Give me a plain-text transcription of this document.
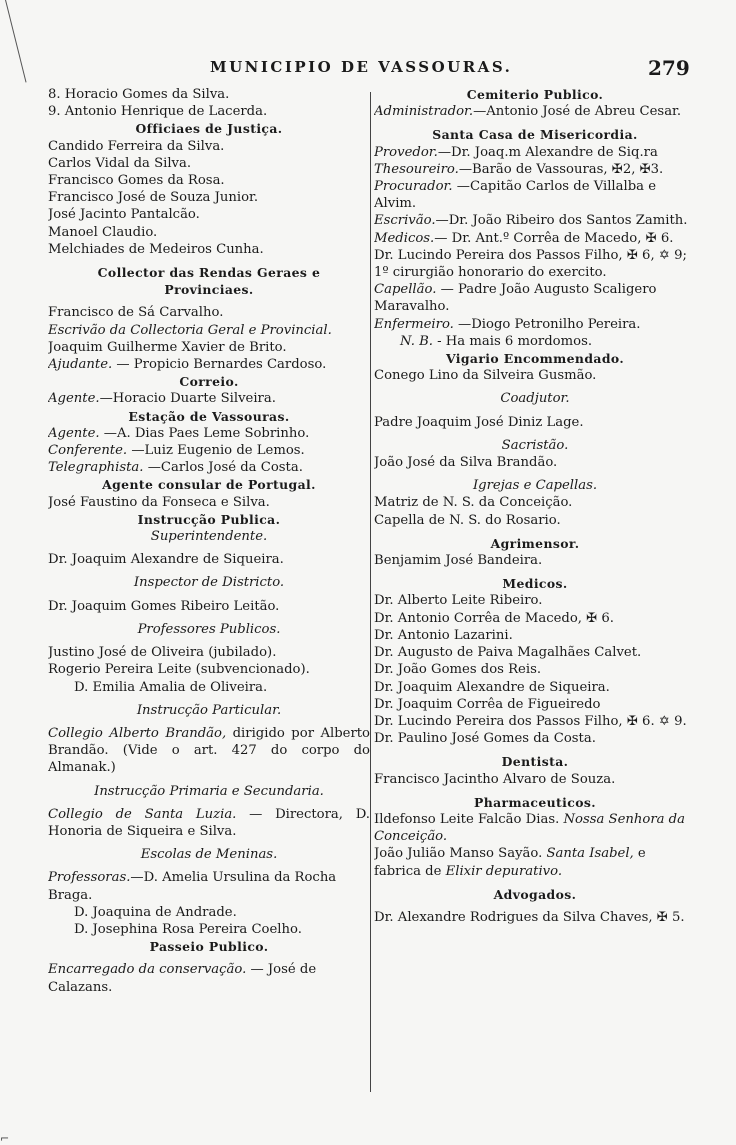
MUNICIPIO DE VASSOURAS.	279
8. Horacio Gomes da Silva.
9. Antonio Henrique de Lacerda.
Officiaes de Justiça.
Candido Ferreira da Silva.
Carlos Vidal da Silva.
Francisco Gomes da Rosa.
Francisco José de Souza Junior.
José Jacinto Pantalcão.
Manoel Claudio.
Melchiades de Medeiros Cunha.
Collector das Rendas Geraes e Provinciaes.
Francisco de Sá Carvalho.
Escrivão da Collectoria Geral e Provincial.
Joaquim Guilherme Xavier de Brito.
Ajudante. — Propicio Bernardes Cardoso.
Correio.
Agente.—Horacio Duarte Silveira.
Estação de Vassouras.
Agente. —A. Dias Paes Leme Sobrinho.
Conferente. —Luiz Eugenio de Lemos.
Telegraphista. —Carlos José da Costa.
Agente consular de Portugal.
José Faustino da Fonseca e Silva.
Instrucção Publica.
Superintendente.
Dr. Joaquim Alexandre de Siqueira.
Inspector de Districto.
Dr. Joaquim Gomes Ribeiro Leitão.
Professores Publicos.
Justino José de Oliveira (jubilado).
Rogerio Pereira Leite (subvencionado).
D. Emilia Amalia de Oliveira.
Instrucção Particular.
Collegio Alberto Brandão, dirigido por Alberto Brandão. (Vide o art. 427 do corpo do Almanak.)
Instrucção Primaria e Secundaria.
Collegio de Santa Luzia. — Directora, D. Honoria de Siqueira e Silva.
Escolas de Meninas.
Professoras.—D. Amelia Ursulina da Rocha Braga.
D. Joaquina de Andrade.
D. Josephina Rosa Pereira Coelho.
Passeio Publico.
Encarregado da conservação. — José de Calazans.
Cemiterio Publico.
Administrador.—Antonio José de Abreu Cesar.
Santa Casa de Misericordia.
Provedor.—Dr. Joaq.m Alexandre de Siq.ra
Thesoureiro.—Barão de Vassouras, ✠2, ✠3.
Procurador. —Capitão Carlos de Villalba e Alvim.
Escrivão.—Dr. João Ribeiro dos Santos Zamith.
Medicos.— Dr. Ant.º Corrêa de Macedo, ✠ 6. Dr. Lucindo Pereira dos Passos Filho, ✠ 6, ✡ 9; 1º cirurgião honorario do exercito.
Capellão. — Padre João Augusto Scaligero Maravalho.
Enfermeiro. —Diogo Petronilho Pereira.
N. B. - Ha mais 6 mordomos.
Vigario Encommendado.
Conego Lino da Silveira Gusmão.
Coadjutor.
Padre Joaquim José Diniz Lage.
Sacristão.
João José da Silva Brandão.
Igrejas e Capellas.
Matriz de N. S. da Conceição.
Capella de N. S. do Rosario.
Agrimensor.
Benjamim José Bandeira.
Medicos.
Dr. Alberto Leite Ribeiro.
Dr. Antonio Corrêa de Macedo, ✠ 6.
Dr. Antonio Lazarini.
Dr. Augusto de Paiva Magalhães Calvet.
Dr. João Gomes dos Reis.
Dr. Joaquim Alexandre de Siqueira.
Dr. Joaquim Corrêa de Figueiredo
Dr. Lucindo Pereira dos Passos Filho, ✠ 6. ✡ 9.
Dr. Paulino José Gomes da Costa.
Dentista.
Francisco Jacintho Alvaro de Souza.
Pharmaceuticos.
Ildefonso Leite Falcão Dias. Nossa Senhora da Conceição.
João Julião Manso Sayão. Santa Isabel, e fabrica de Elixir depurativo.
Advogados.
Dr. Alexandre Rodrigues da Silva Chaves, ✠ 5.
⌐
